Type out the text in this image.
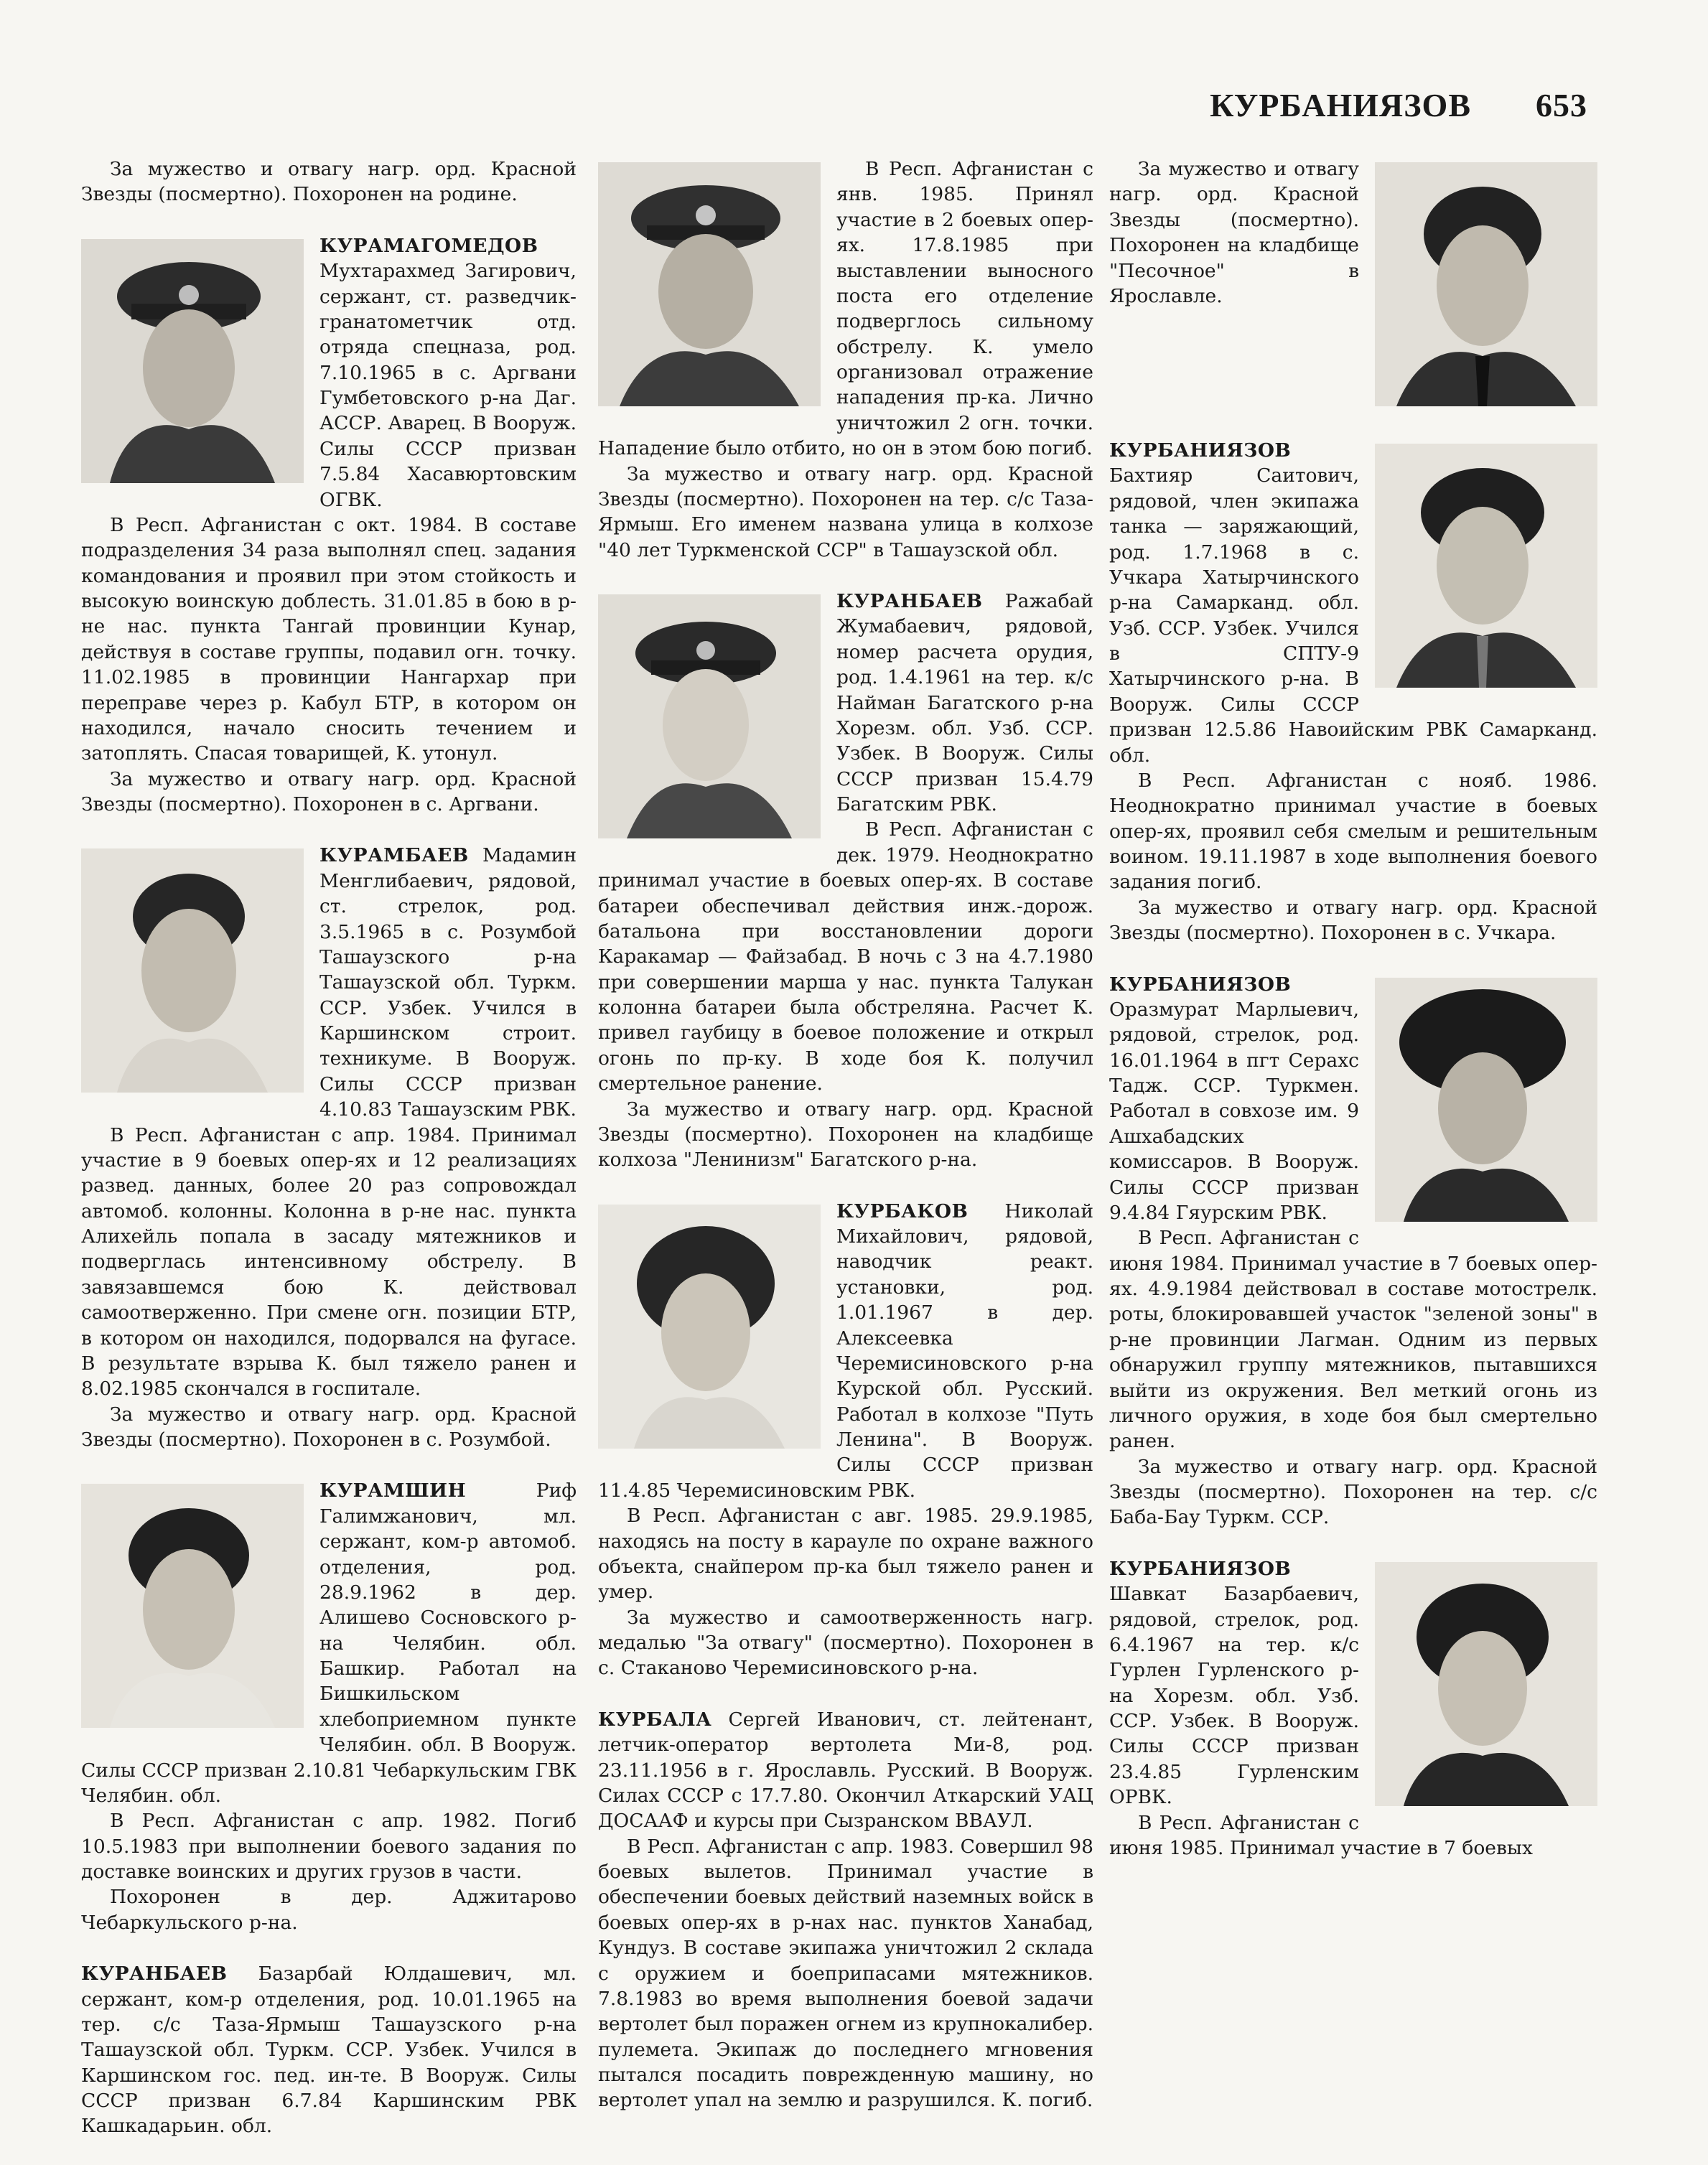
КУРБАНИЯЗОВ 653

За мужество и отвагу нагр. орд. Красной Звезды (посмертно). Похоронен на родине.

КУРАМАГОМЕДОВ Мухтарахмед Загирович, сержант, ст. разведчик-гранатометчик отд. отряда спецназа, род. 7.10.1965 в с. Аргвани Гумбетовского р-на Даг. АССР. Аварец. В Вооруж. Силы СССР призван 7.5.84 Хасавюртовским ОГВК.

В Респ. Афганистан с окт. 1984. В составе подразделения 34 раза выполнял спец. задания командования и проявил при этом стойкость и высокую воинскую доблесть. 31.01.85 в бою в р-не нас. пункта Тангай провинции Кунар, действуя в составе группы, подавил огн. точку. 11.02.1985 в провинции Нангархар при переправе через р. Кабул БТР, в котором он находился, начало сносить течением и затоплять. Спасая товарищей, К. утонул.

За мужество и отвагу нагр. орд. Красной Звезды (посмертно). Похоронен в с. Аргвани.

КУРАМБАЕВ Мадамин Менглибаевич, рядовой, ст. стрелок, род. 3.5.1965 в с. Розумбой Ташаузского р-на Ташаузской обл. Туркм. ССР. Узбек. Учился в Каршинском строит. техникуме. В Вооруж. Силы СССР призван 4.10.83 Ташаузским РВК.

В Респ. Афганистан с апр. 1984. Принимал участие в 9 боевых опер-ях и 12 реализациях развед. данных, более 20 раз сопровождал автомоб. колонны. Колонна в р-не нас. пункта Алихейль попала в засаду мятежников и подверглась интенсивному обстрелу. В завязавшемся бою К. действовал самоотверженно. При смене огн. позиции БТР, в котором он находился, подорвался на фугасе. В результате взрыва К. был тяжело ранен и 8.02.1985 скончался в госпитале.

За мужество и отвагу нагр. орд. Красной Звезды (посмертно). Похоронен в с. Розумбой.

КУРАМШИН Риф Галимжанович, мл. сержант, ком-р автомоб. отделения, род. 28.9.1962 в дер. Алишево Сосновского р-на Челябин. обл. Башкир. Работал на Бишкильском хлебоприемном пункте Челябин. обл. В Вооруж. Силы СССР призван 2.10.81 Чебаркульским ГВК Челябин. обл.

В Респ. Афганистан с апр. 1982. Погиб 10.5.1983 при выполнении боевого задания по доставке воинских и других грузов в части.

Похоронен в дер. Аджитарово Чебаркульского р-на.

КУРАНБАЕВ Базарбай Юлдашевич, мл. сержант, ком-р отделения, род. 10.01.1965 на тер. с/с Таза-Ярмыш Ташаузского р-на Ташаузской обл. Туркм. ССР. Узбек. Учился в Каршинском гос. пед. ин-те. В Вооруж. Силы СССР призван 6.7.84 Каршинским РВК Кашкадарьин. обл.

В Респ. Афганистан с янв. 1985. Принял участие в 2 боевых опер-ях. 17.8.1985 при выставлении выносного поста его отделение подверглось сильному обстрелу. К. умело организовал отражение нападения пр-ка. Лично уничтожил 2 огн. точки. Нападение было отбито, но он в этом бою погиб.

За мужество и отвагу нагр. орд. Красной Звезды (посмертно). Похоронен на тер. с/с Таза-Ярмыш. Его именем названа улица в колхозе "40 лет Туркменской ССР" в Ташаузской обл.

КУРАНБАЕВ Ражабай Жумабаевич, рядовой, номер расчета орудия, род. 1.4.1961 на тер. к/с Найман Багатского р-на Хорезм. обл. Узб. ССР. Узбек. В Вооруж. Силы СССР призван 15.4.79 Багатским РВК.

В Респ. Афганистан с дек. 1979. Неоднократно принимал участие в боевых опер-ях. В составе батареи обеспечивал действия инж.-дорож. батальона при восстановлении дороги Каракамар — Файзабад. В ночь с 3 на 4.7.1980 при совершении марша у нас. пункта Талукан колонна батареи была обстреляна. Расчет К. привел гаубицу в боевое положение и открыл огонь по пр-ку. В ходе боя К. получил смертельное ранение.

За мужество и отвагу нагр. орд. Красной Звезды (посмертно). Похоронен на кладбище колхоза "Ленинизм" Багатского р-на.

КУРБАКОВ Николай Михайлович, рядовой, наводчик реакт. установки, род. 1.01.1967 в дер. Алексеевка Черемисиновского р-на Курской обл. Русский. Работал в колхозе "Путь Ленина". В Вооруж. Силы СССР призван 11.4.85 Черемисиновским РВК.

В Респ. Афганистан с авг. 1985. 29.9.1985, находясь на посту в карауле по охране важного объекта, снайпером пр-ка был тяжело ранен и умер.

За мужество и самоотверженность нагр. медалью "За отвагу" (посмертно). Похоронен в с. Стаканово Черемисиновского р-на.

КУРБАЛА Сергей Иванович, ст. лейтенант, летчик-оператор вертолета Ми-8, род. 23.11.1956 в г. Ярославль. Русский. В Вооруж. Силах СССР с 17.7.80. Окончил Аткарский УАЦ ДОСААФ и курсы при Сызранском ВВАУЛ.

В Респ. Афганистан с апр. 1983. Совершил 98 боевых вылетов. Принимал участие в обеспечении боевых действий наземных войск в боевых опер-ях в р-нах нас. пунктов Ханабад, Кундуз. В составе экипажа уничтожил 2 склада с оружием и боеприпасами мятежников. 7.8.1983 во время выполнения боевой задачи вертолет был поражен огнем из крупнокалибер. пулемета. Экипаж до последнего мгновения пытался посадить поврежденную машину, но вертолет упал на землю и разрушился. К. погиб.

За мужество и отвагу нагр. орд. Красной Звезды (посмертно). Похоронен на кладбище "Песочное" в Ярославле.

КУРБАНИЯЗОВ Бахтияр Саитович, рядовой, член экипажа танка — заряжающий, род. 1.7.1968 в с. Учкара Хатырчинского р-на Самарканд. обл. Узб. ССР. Узбек. Учился в СПТУ-9 Хатырчинского р-на. В Вооруж. Силы СССР призван 12.5.86 Навоийским РВК Самарканд. обл.

В Респ. Афганистан с нояб. 1986. Неоднократно принимал участие в боевых опер-ях, проявил себя смелым и решительным воином. 19.11.1987 в ходе выполнения боевого задания погиб.

За мужество и отвагу нагр. орд. Красной Звезды (посмертно). Похоронен в с. Учкара.

КУРБАНИЯЗОВ Оразмурат Марлыевич, рядовой, стрелок, род. 16.01.1964 в пгт Серахс Тадж. ССР. Туркмен. Работал в совхозе им. 9 Ашхабадских комиссаров. В Вооруж. Силы СССР призван 9.4.84 Гяурским РВК.

В Респ. Афганистан с июня 1984. Принимал участие в 7 боевых опер-ях. 4.9.1984 действовал в составе мотострелк. роты, блокировавшей участок "зеленой зоны" в р-не провинции Лагман. Одним из первых обнаружил группу мятежников, пытавшихся выйти из окружения. Вел меткий огонь из личного оружия, в ходе боя был смертельно ранен.

За мужество и отвагу нагр. орд. Красной Звезды (посмертно). Похоронен на тер. с/с Баба-Бау Туркм. ССР.

КУРБАНИЯЗОВ Шавкат Базарбаевич, рядовой, стрелок, род. 6.4.1967 на тер. к/с Гурлен Гурленского р-на Хорезм. обл. Узб. ССР. Узбек. В Вооруж. Силы СССР призван 23.4.85 Гурленским ОРВК.

В Респ. Афганистан с июня 1985. Принимал участие в 7 боевых
